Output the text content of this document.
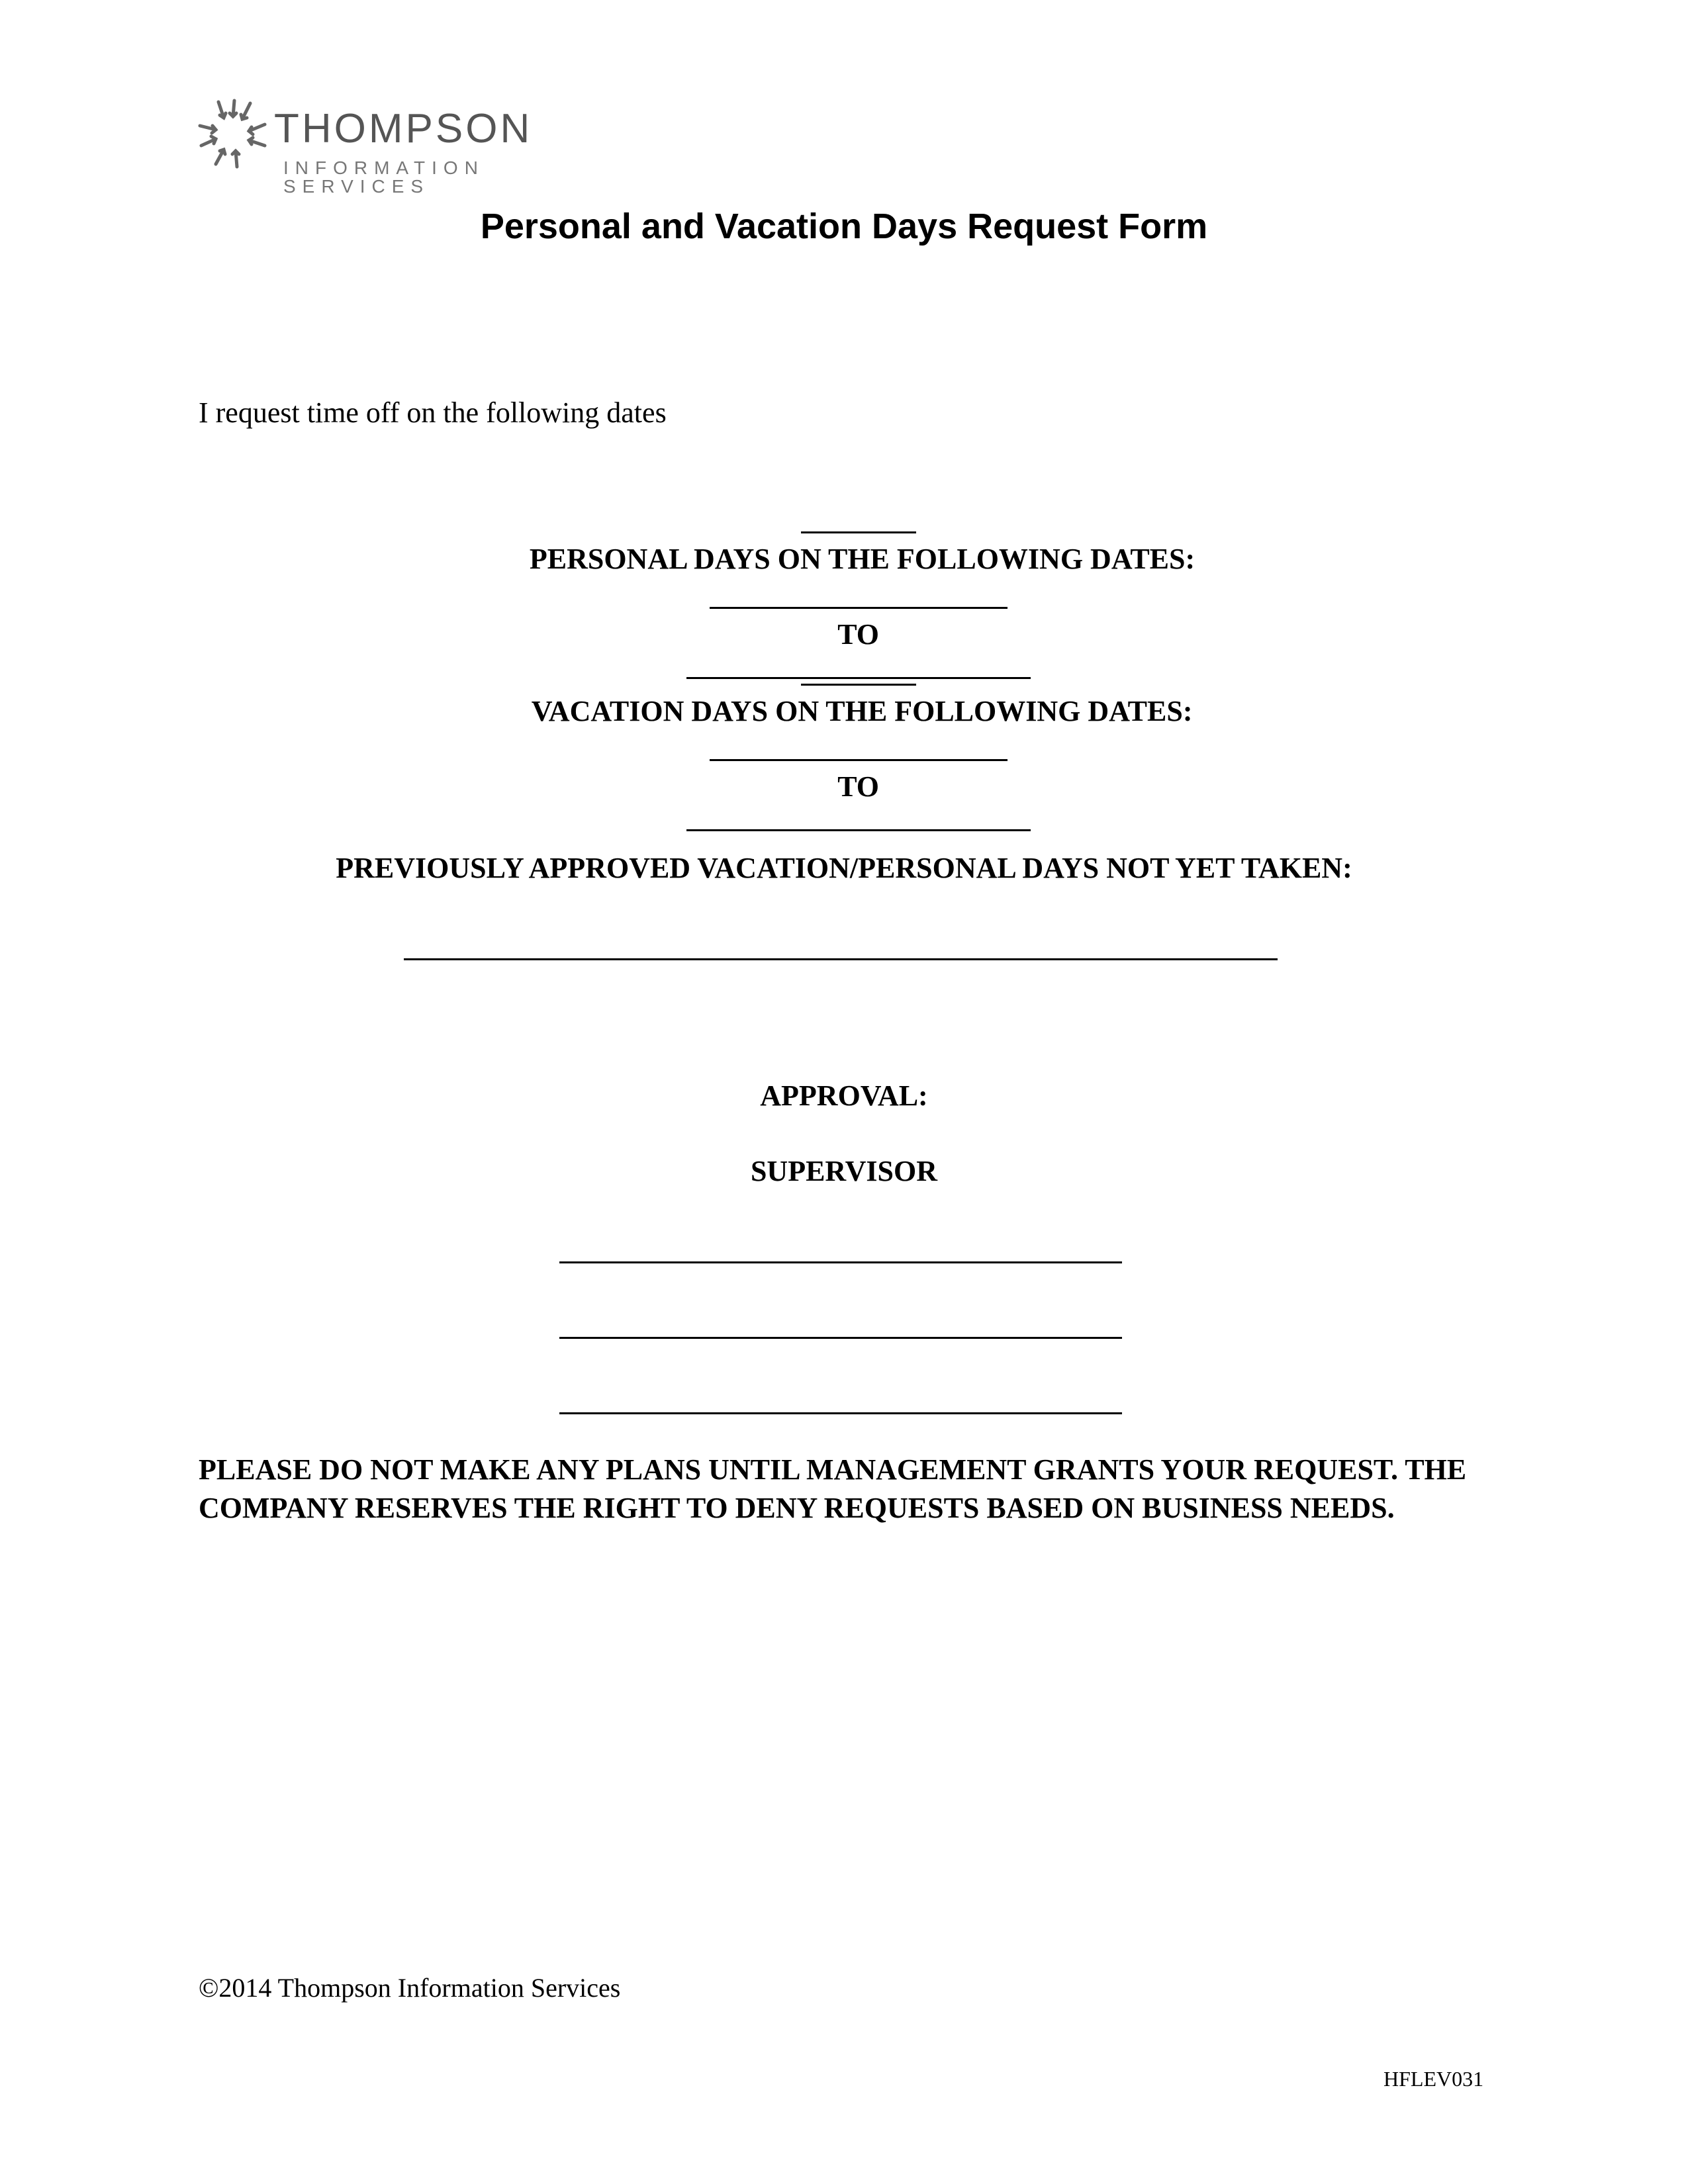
THOMPSON
INFORMATION SERVICES
Personal and Vacation Days Request Form
I request time off on the following dates

PERSONAL DAYS ON THE FOLLOWING DATES:

TO

VACATION DAYS ON THE FOLLOWING DATES:

TO

PREVIOUSLY APPROVED VACATION/PERSONAL DAYS NOT YET TAKEN:
APPROVAL:
SUPERVISOR
PLEASE DO NOT MAKE ANY PLANS UNTIL MANAGEMENT GRANTS YOUR REQUEST. THE COMPANY RESERVES THE RIGHT TO DENY REQUESTS BASED ON BUSINESS NEEDS.
©2014 Thompson Information Services
HFLEV031
